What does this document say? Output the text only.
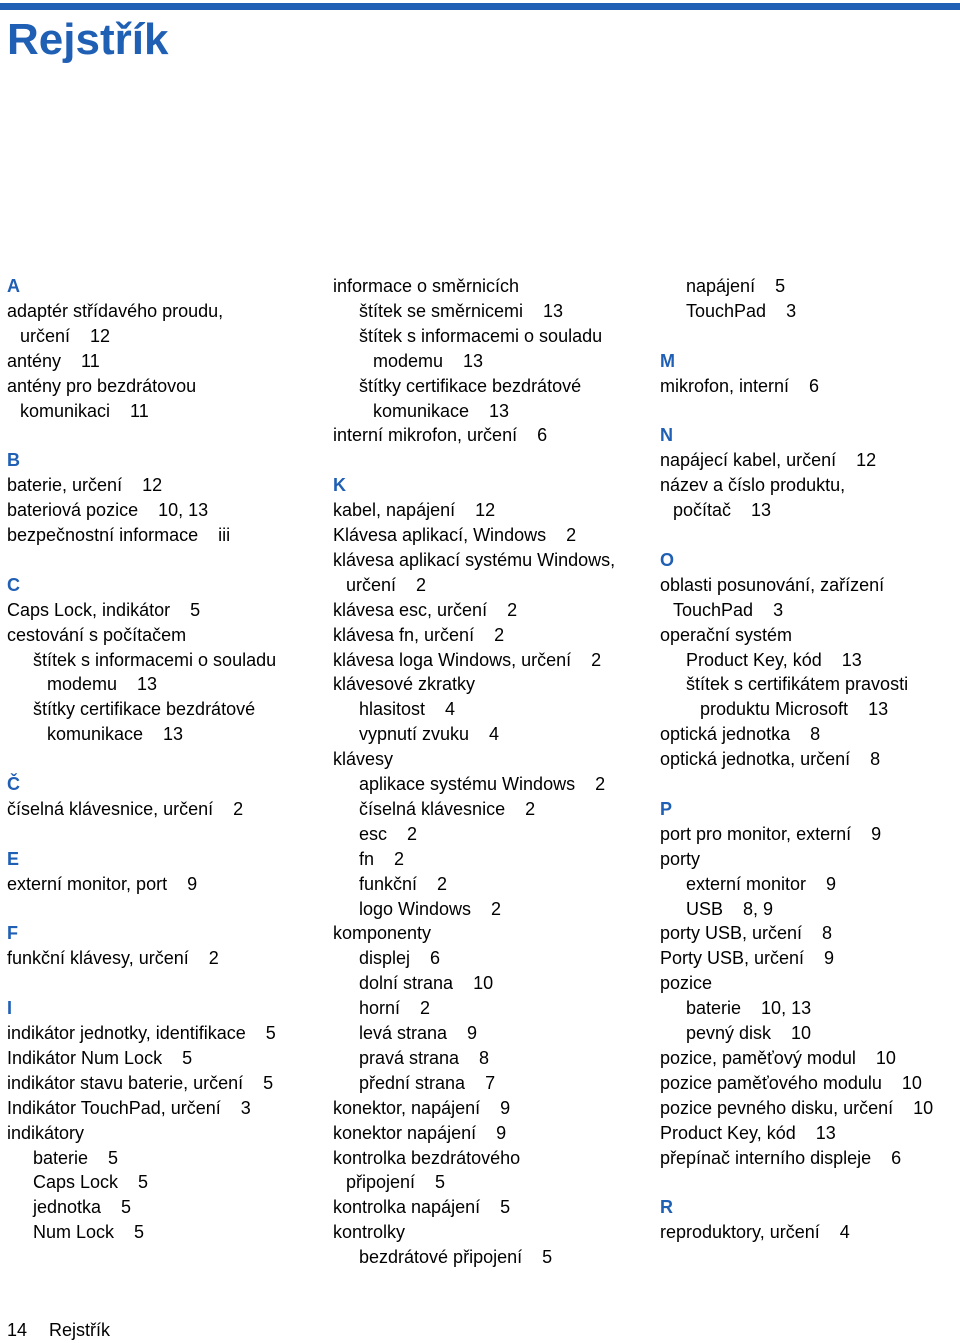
Rejstřík
A
adaptér střídavého proudu,
určení    12
antény    11
antény pro bezdrátovou
komunikaci    11
B
baterie, určení    12
bateriová pozice    10, 13
bezpečnostní informace    iii
C
Caps Lock, indikátor    5
cestování s počítačem
štítek s informacemi o souladu
modemu    13
štítky certifikace bezdrátové
komunikace    13
Č
číselná klávesnice, určení    2
E
externí monitor, port    9
F
funkční klávesy, určení    2
I
indikátor jednotky, identifikace    5
Indikátor Num Lock    5
indikátor stavu baterie, určení    5
Indikátor TouchPad, určení    3
indikátory
baterie    5
Caps Lock    5
jednotka    5
Num Lock    5
informace o směrnicích
štítek se směrnicemi    13
štítek s informacemi o souladu
modemu    13
štítky certifikace bezdrátové
komunikace    13
interní mikrofon, určení    6
K
kabel, napájení    12
Klávesa aplikací, Windows    2
klávesa aplikací systému Windows,
určení    2
klávesa esc, určení    2
klávesa fn, určení    2
klávesa loga Windows, určení    2
klávesové zkratky
hlasitost    4
vypnutí zvuku    4
klávesy
aplikace systému Windows    2
číselná klávesnice    2
esc    2
fn    2
funkční    2
logo Windows    2
komponenty
displej    6
dolní strana    10
horní    2
levá strana    9
pravá strana    8
přední strana    7
konektor, napájení    9
konektor napájení    9
kontrolka bezdrátového
připojení    5
kontrolka napájení    5
kontrolky
bezdrátové připojení    5
napájení    5
TouchPad    3
M
mikrofon, interní    6
N
napájecí kabel, určení    12
název a číslo produktu,
počítač    13
O
oblasti posunování, zařízení
TouchPad    3
operační systém
Product Key, kód    13
štítek s certifikátem pravosti
produktu Microsoft    13
optická jednotka    8
optická jednotka, určení    8
P
port pro monitor, externí    9
porty
externí monitor    9
USB    8, 9
porty USB, určení    8
Porty USB, určení    9
pozice
baterie    10, 13
pevný disk    10
pozice, paměťový modul    10
pozice paměťového modulu    10
pozice pevného disku, určení    10
Product Key, kód    13
přepínač interního displeje    6
R
reproduktory, určení    4
14 Rejstřík
